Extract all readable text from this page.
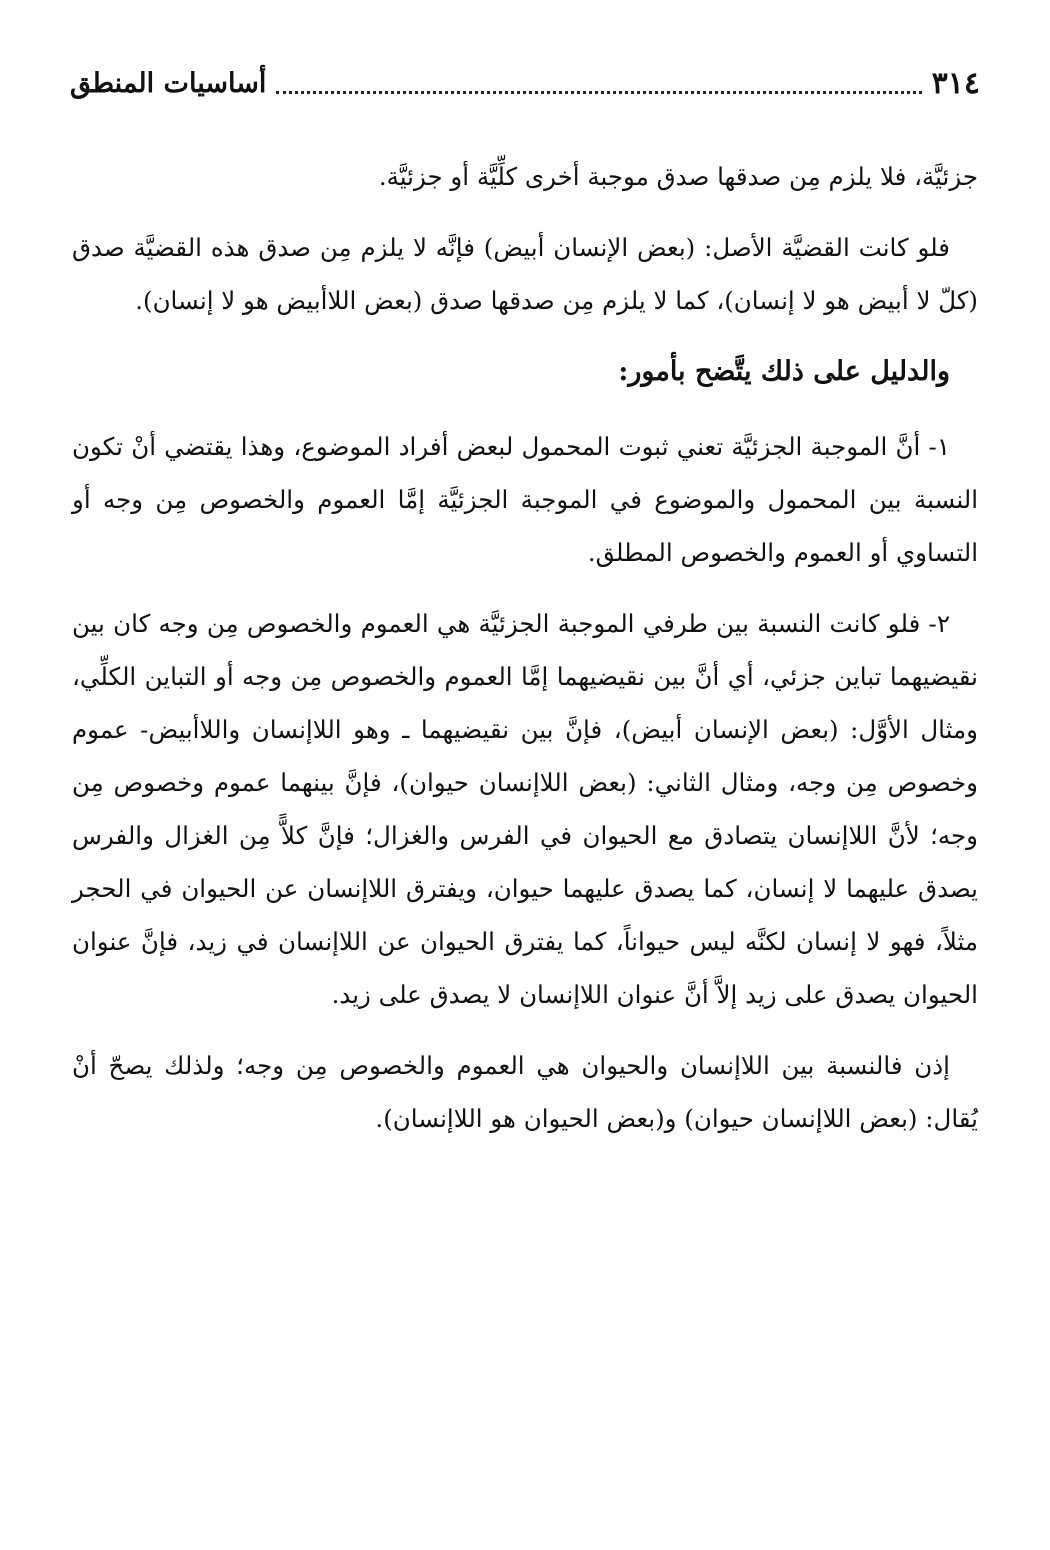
أساسيات المنطق	٣١٤

جزئيَّة، فلا يلزم مِن صدقها صدق موجبة أخرى كلِّيَّة أو جزئيَّة.

فلو كانت القضيَّة الأصل: (بعض الإنسان أبيض) فإنَّه لا يلزم مِن صدق هذه القضيَّة صدق (كلّ لا أبيض هو لا إنسان)، كما لا يلزم مِن صدقها صدق (بعض اللاأبيض هو لا إنسان).

والدليل على ذلك يتَّضح بأمور:

١- أنَّ الموجبة الجزئيَّة تعني ثبوت المحمول لبعض أفراد الموضوع، وهذا يقتضي أنْ تكون النسبة بين المحمول والموضوع في الموجبة الجزئيَّة إمَّا العموم والخصوص مِن وجه أو التساوي أو العموم والخصوص المطلق.

٢- فلو كانت النسبة بين طرفي الموجبة الجزئيَّة هي العموم والخصوص مِن وجه كان بين نقيضيهما تباين جزئي، أي أنَّ بين نقيضيهما إمَّا العموم والخصوص مِن وجه أو التباين الكلِّي، ومثال الأوَّل: (بعض الإنسان أبيض)، فإنَّ بين نقيضيهما ـ وهو اللاإنسان واللاأبيض- عموم وخصوص مِن وجه، ومثال الثاني: (بعض اللاإنسان حيوان)، فإنَّ بينهما عموم وخصوص مِن وجه؛ لأنَّ اللاإنسان يتصادق مع الحيوان في الفرس والغزال؛ فإنَّ كلاًّ مِن الغزال والفرس يصدق عليهما لا إنسان، كما يصدق عليهما حيوان، ويفترق اللاإنسان عن الحيوان في الحجر مثلاً، فهو لا إنسان لكنَّه ليس حيواناً، كما يفترق الحيوان عن اللاإنسان في زيد، فإنَّ عنوان الحيوان يصدق على زيد إلاَّ أنَّ عنوان اللاإنسان لا يصدق على زيد.

إذن فالنسبة بين اللاإنسان والحيوان هي العموم والخصوص مِن وجه؛ ولذلك يصحّ أنْ يُقال: (بعض اللاإنسان حيوان) و(بعض الحيوان هو اللاإنسان).
